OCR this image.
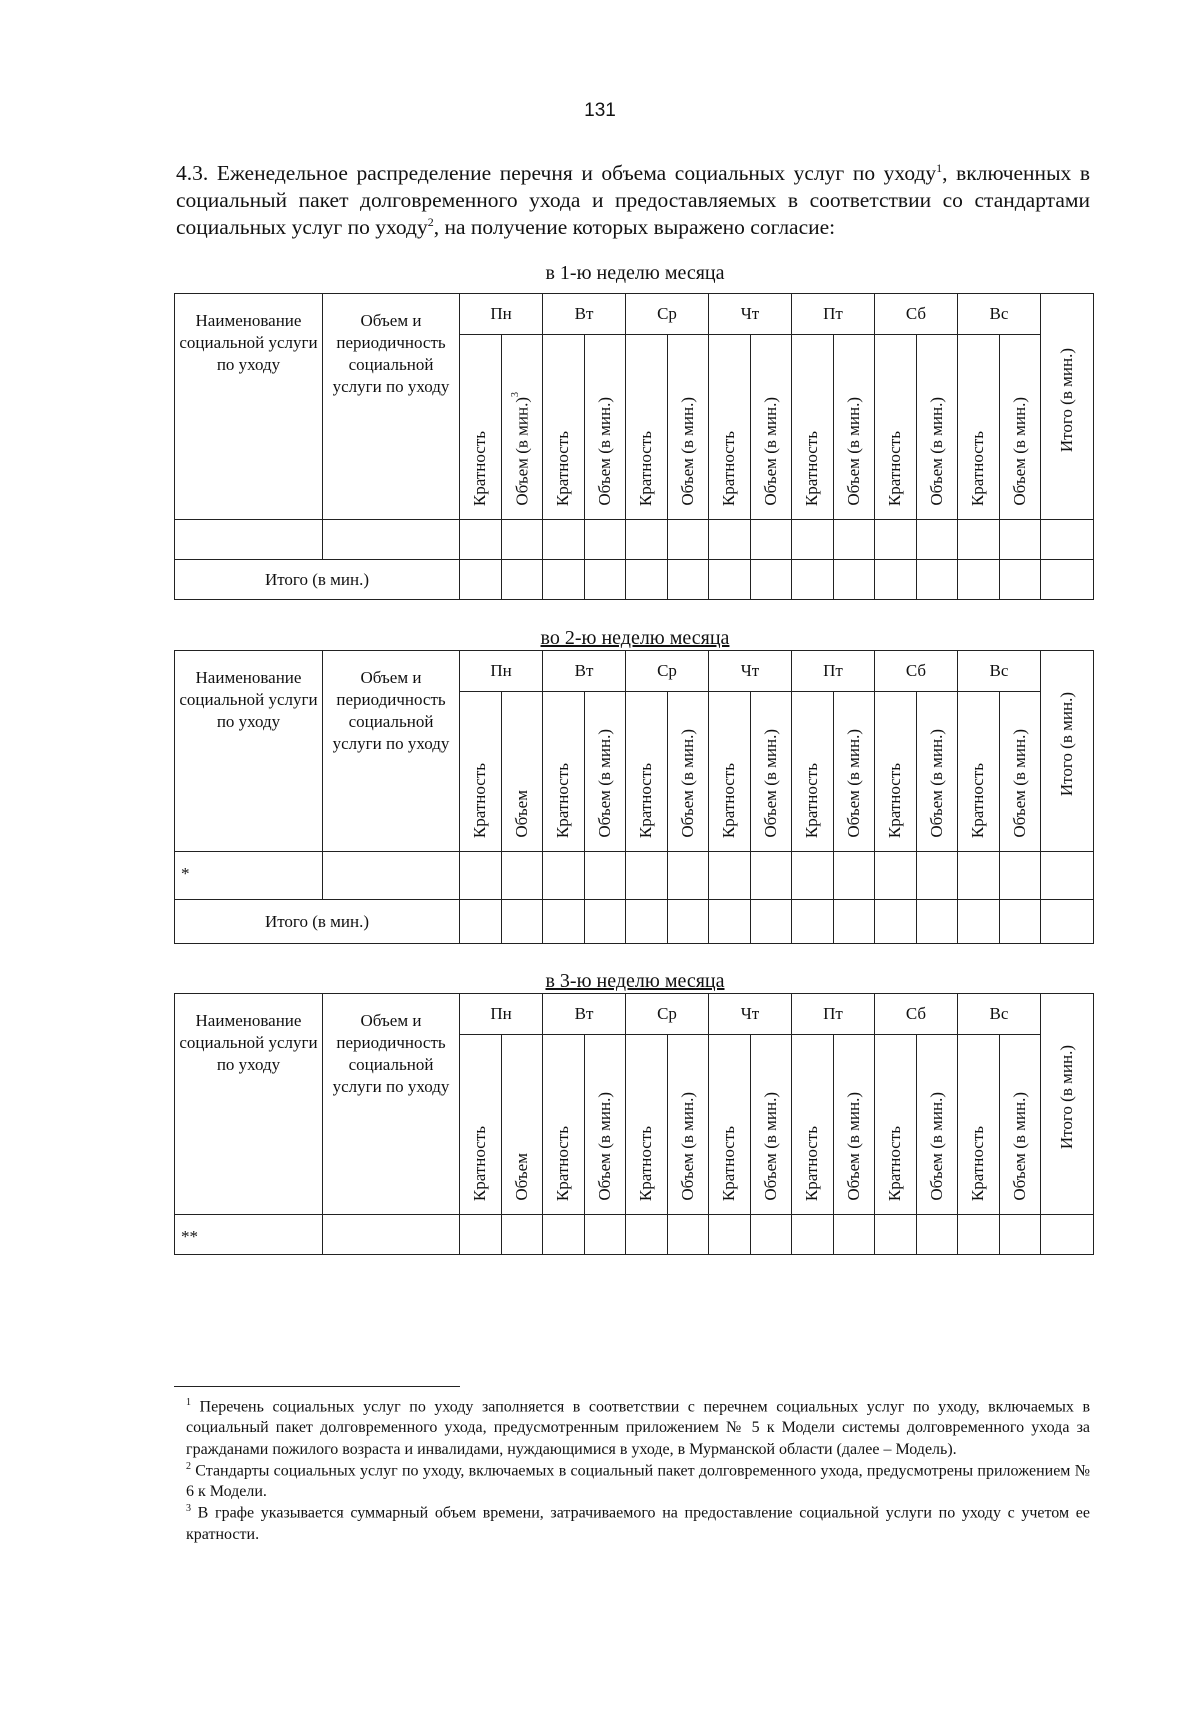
131
4.3. Еженедельное распределение перечня и объема социальных услуг по уходу$^1$, включенных в социальный пакет долговременного ухода и предоставляемых в соответствии со стандартами социальных услуг по уходу$^2$, на получение которых выражено согласие:
в 1-ю неделю месяца
Наименование социальной услуги по уходу	Объем и периодичность социальной услуги по уходу	Пн		Вт		Ср		Чт		Пт		Сб		Вс		Итого (в мин.)
		Кратность	Объем (в мин.)$^3$	Кратность	Объем (в мин.)	Кратность	Объем (в мин.)	Кратность	Объем (в мин.)	Кратность	Объем (в мин.)	Кратность	Объем (в мин.)	Кратность	Объем (в мин.)	

Итого (в мин.)																
во 2-ю неделю месяца
Наименование социальной услуги по уходу	Объем и периодичность социальной услуги по уходу	Пн		Вт		Ср		Чт		Пт		Сб		Вс		Итого (в мин.)
		Кратность	Объем	Кратность	Объем (в мин.)	Кратность	Объем (в мин.)	Кратность	Объем (в мин.)	Кратность	Объем (в мин.)	Кратность	Объем (в мин.)	Кратность	Объем (в мин.)	
*																
Итого (в мин.)																
в 3-ю неделю месяца
Наименование социальной услуги по уходу	Объем и периодичность социальной услуги по уходу	Пн		Вт		Ср		Чт		Пт		Сб		Вс		Итого (в мин.)
		Кратность	Объем	Кратность	Объем (в мин.)	Кратность	Объем (в мин.)	Кратность	Объем (в мин.)	Кратность	Объем (в мин.)	Кратность	Объем (в мин.)	Кратность	Объем (в мин.)	
**																

$^1$ Перечень социальных услуг по уходу заполняется в соответствии с перечнем социальных услуг по уходу, включаемых в социальный пакет долговременного ухода, предусмотренным приложением № 5 к Модели системы долговременного ухода за гражданами пожилого возраста и инвалидами, нуждающимися в уходе, в Мурманской области (далее – Модель).

$^2$ Стандарты социальных услуг по уходу, включаемых в социальный пакет долговременного ухода, предусмотрены приложением № 6 к Модели.

$^3$ В графе указывается суммарный объем времени, затрачиваемого на предоставление социальной услуги по уходу с учетом ее кратности.
